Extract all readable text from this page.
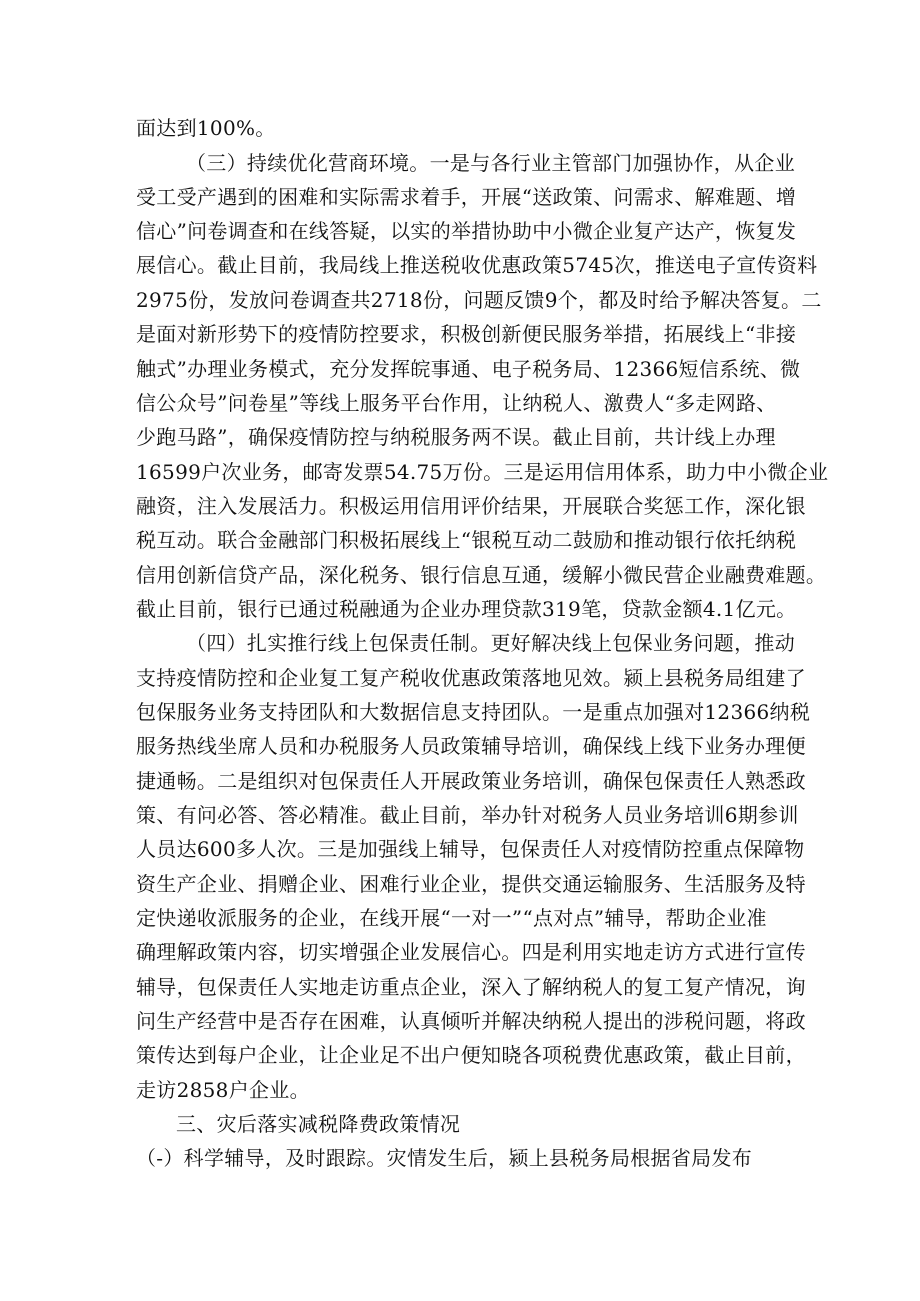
面达到100%。
（三）持续优化营商环境。一是与各行业主管部门加强协作，从企业
受工受产遇到的困难和实际需求着手，开展“送政策、问需求、解难题、增
信心”问卷调查和在线答疑，以实的举措协助中小微企业复产达产，恢复发
展信心。截止目前，我局线上推送税收优惠政策5745次，推送电子宣传资料
2975份，发放问卷调查共2718份，问题反馈9个，都及时给予解决答复。二
是面对新形势下的疫情防控要求，积极创新便民服务举措，拓展线上“非接
触式”办理业务模式，充分发挥皖事通、电子税务局、12366短信系统、微
信公众号”问卷星”等线上服务平台作用，让纳税人、激费人“多走网路、
少跑马路”，确保疫情防控与纳税服务两不误。截止目前，共计线上办理
16599户次业务，邮寄发票54.75万份。三是运用信用体系，助力中小微企业
融资，注入发展活力。积极运用信用评价结果，开展联合奖惩工作，深化银
税互动。联合金融部门积极拓展线上“银税互动二鼓励和推动银行依托纳税
信用创新信贷产品，深化税务、银行信息互通，缓解小微民营企业融费难题。
截止目前，银行已通过税融通为企业办理贷款319笔，贷款金额4.1亿元。
（四）扎实推行线上包保责任制。更好解决线上包保业务问题，推动
支持疫情防控和企业复工复产税收优惠政策落地见效。颍上县税务局组建了
包保服务业务支持团队和大数据信息支持团队。一是重点加强对12366纳税
服务热线坐席人员和办税服务人员政策辅导培训，确保线上线下业务办理便
捷通畅。二是组织对包保责任人开展政策业务培训，确保包保责任人熟悉政
策、有问必答、答必精准。截止目前，举办针对税务人员业务培训6期参训
人员达600多人次。三是加强线上辅导，包保责任人对疫情防控重点保障物
资生产企业、捐赠企业、困难行业企业，提供交通运输服务、生活服务及特
定快递收派服务的企业，在线开展“一对一”“点对点”辅导，帮助企业准
确理解政策内容，切实增强企业发展信心。四是利用实地走访方式进行宣传
辅导，包保责任人实地走访重点企业，深入了解纳税人的复工复产情况，询
问生产经营中是否存在困难，认真倾听并解决纳税人提出的涉税问题，将政
策传达到每户企业，让企业足不出户便知晓各项税费优惠政策，截止目前，
走访2858户企业。
三、灾后落实减税降费政策情况
（-）科学辅导，及时跟踪。灾情发生后，颍上县税务局根据省局发布
